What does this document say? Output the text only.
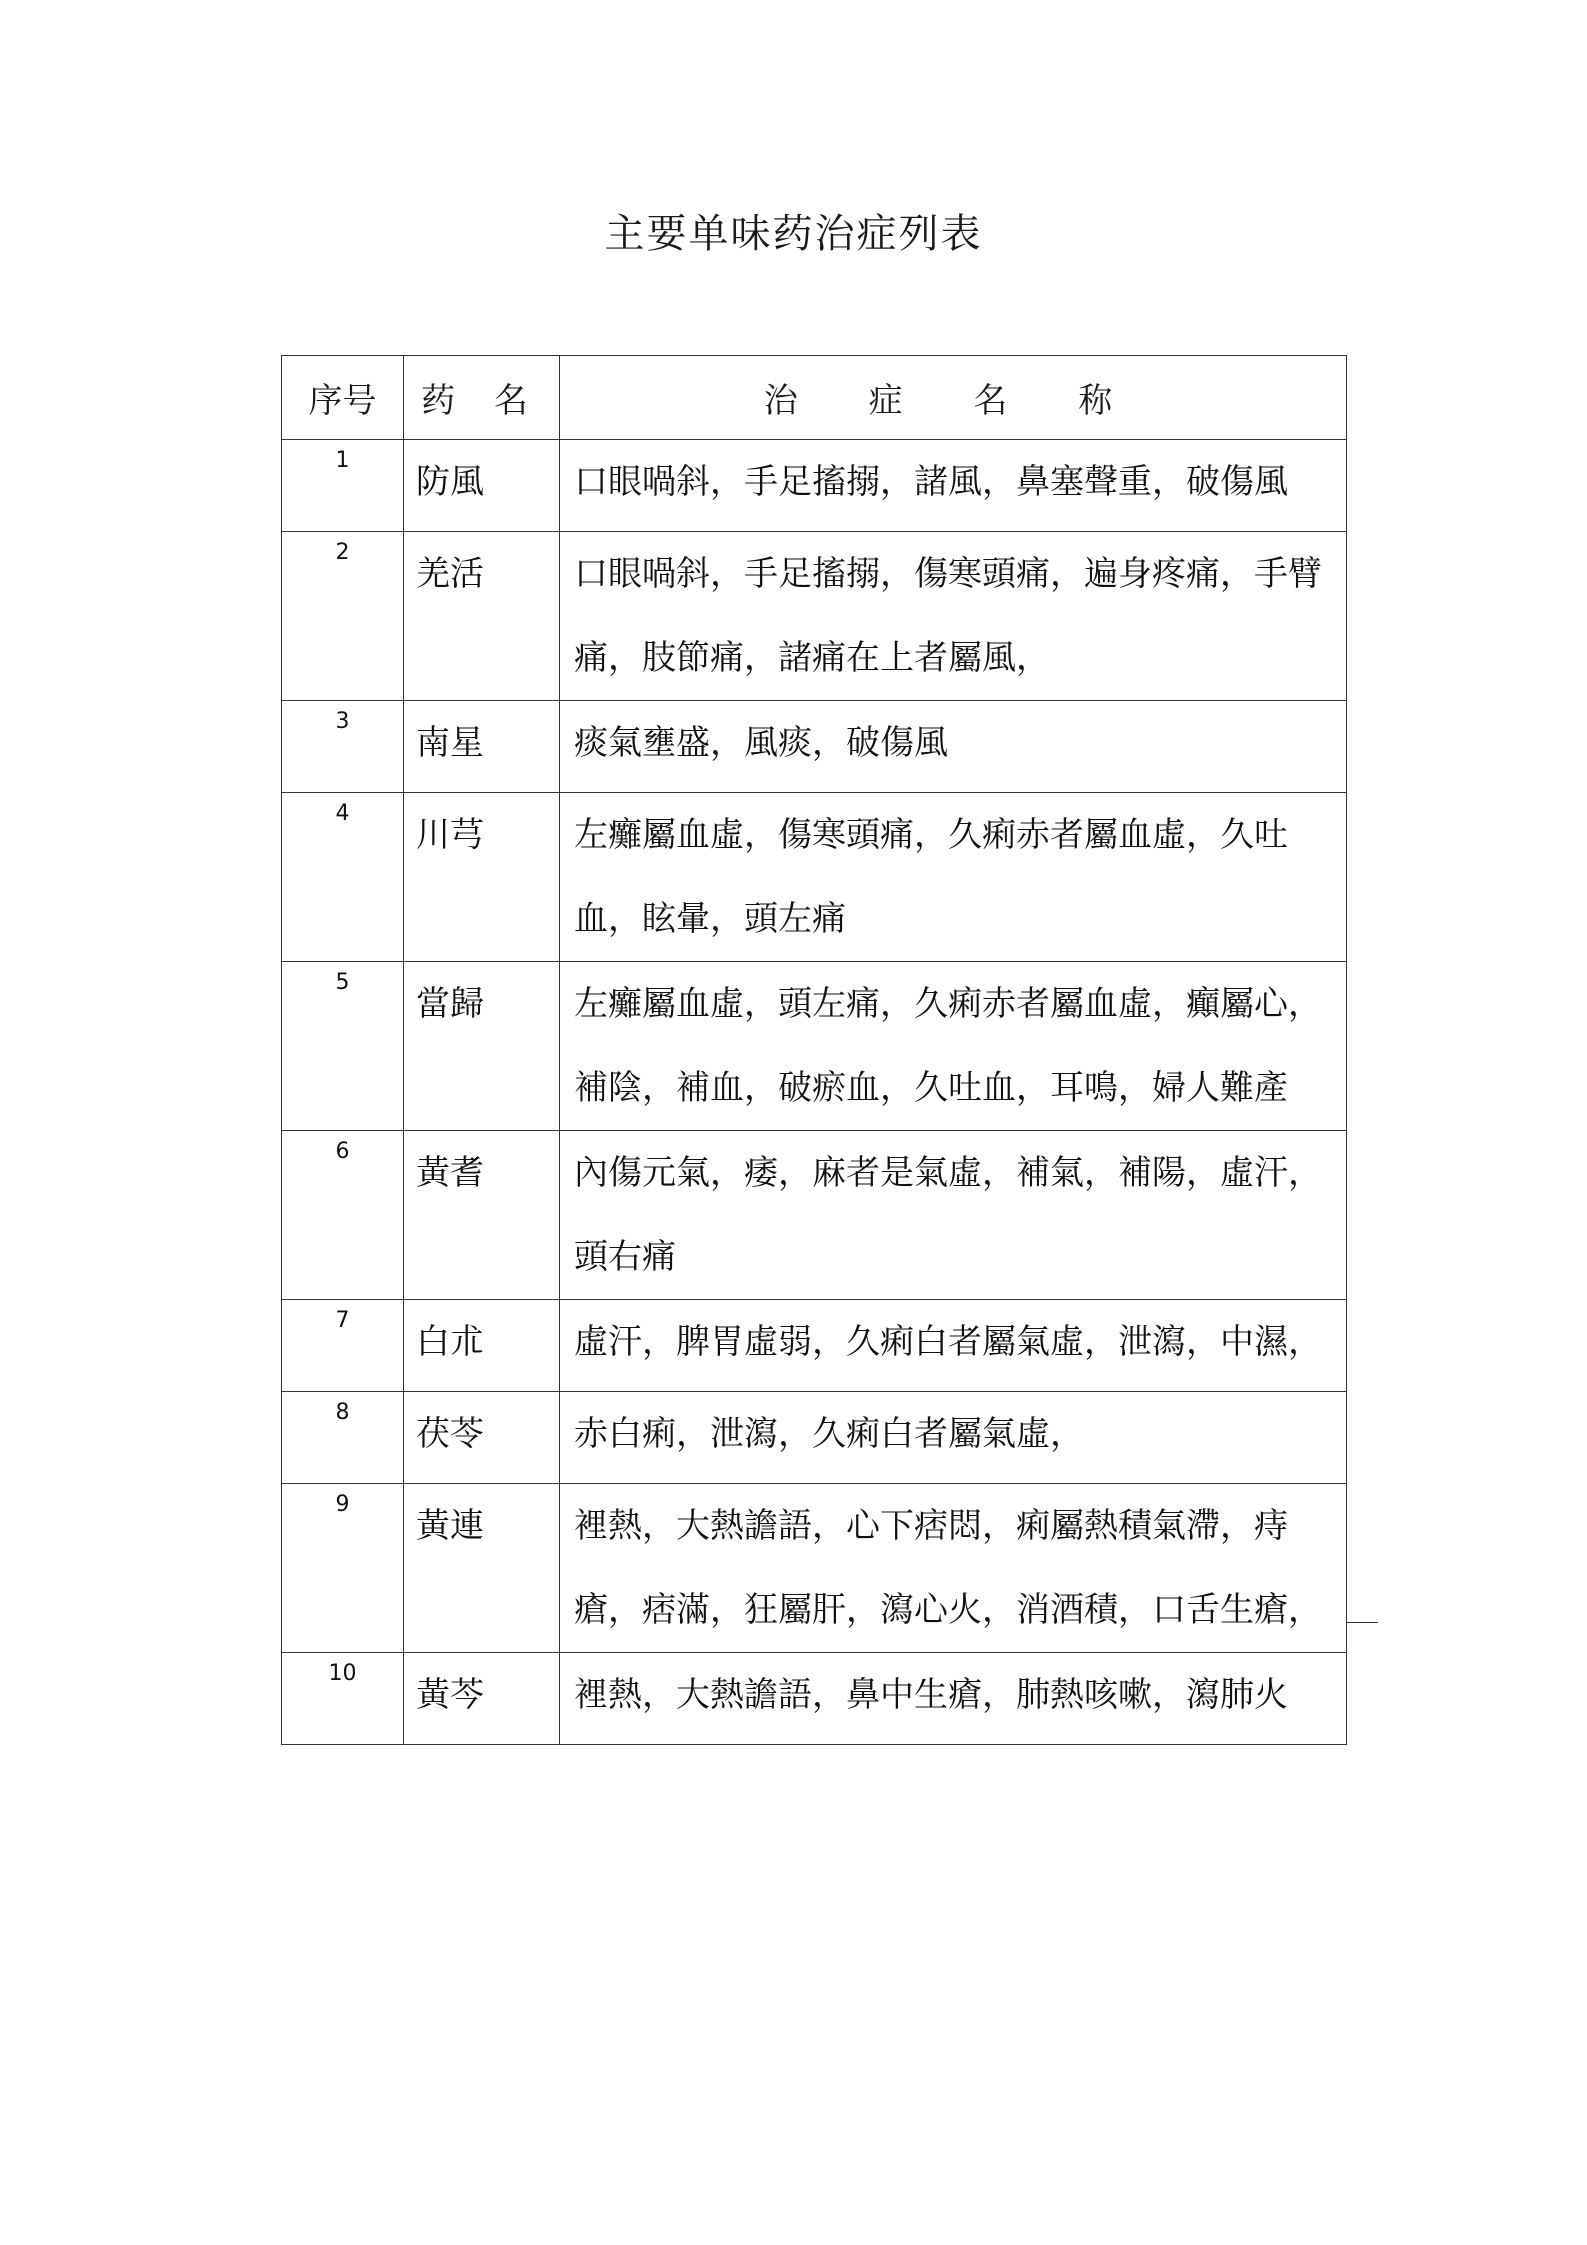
主要单味药治症列表
序号	药 名	治 症 名 称
1	防風	口眼喎斜，手足搐搦，諸風，鼻塞聲重，破傷風
2	羌活	口眼喎斜，手足搐搦，傷寒頭痛，遍身疼痛，手臂痛，肢節痛，諸痛在上者屬風，
3	南星	痰氣壅盛，風痰，破傷風
4	川芎	左癱屬血虛，傷寒頭痛，久痢赤者屬血虛，久吐血，眩暈，頭左痛
5	當歸	左癱屬血虛，頭左痛，久痢赤者屬血虛，癲屬心，補陰，補血，破瘀血，久吐血，耳鳴，婦人難產
6	黃耆	內傷元氣，痿，麻者是氣虛，補氣，補陽，虛汗，頭右痛
7	白朮	虛汗，脾胃虛弱，久痢白者屬氣虛，泄瀉，中濕，
8	茯苓	赤白痢，泄瀉，久痢白者屬氣虛，
9	黃連	裡熱，大熱譫語，心下痞悶，痢屬熱積氣滯，痔瘡，痞滿，狂屬肝，瀉心火，消酒積，口舌生瘡，
10	黃芩	裡熱，大熱譫語，鼻中生瘡，肺熱咳嗽，瀉肺火
